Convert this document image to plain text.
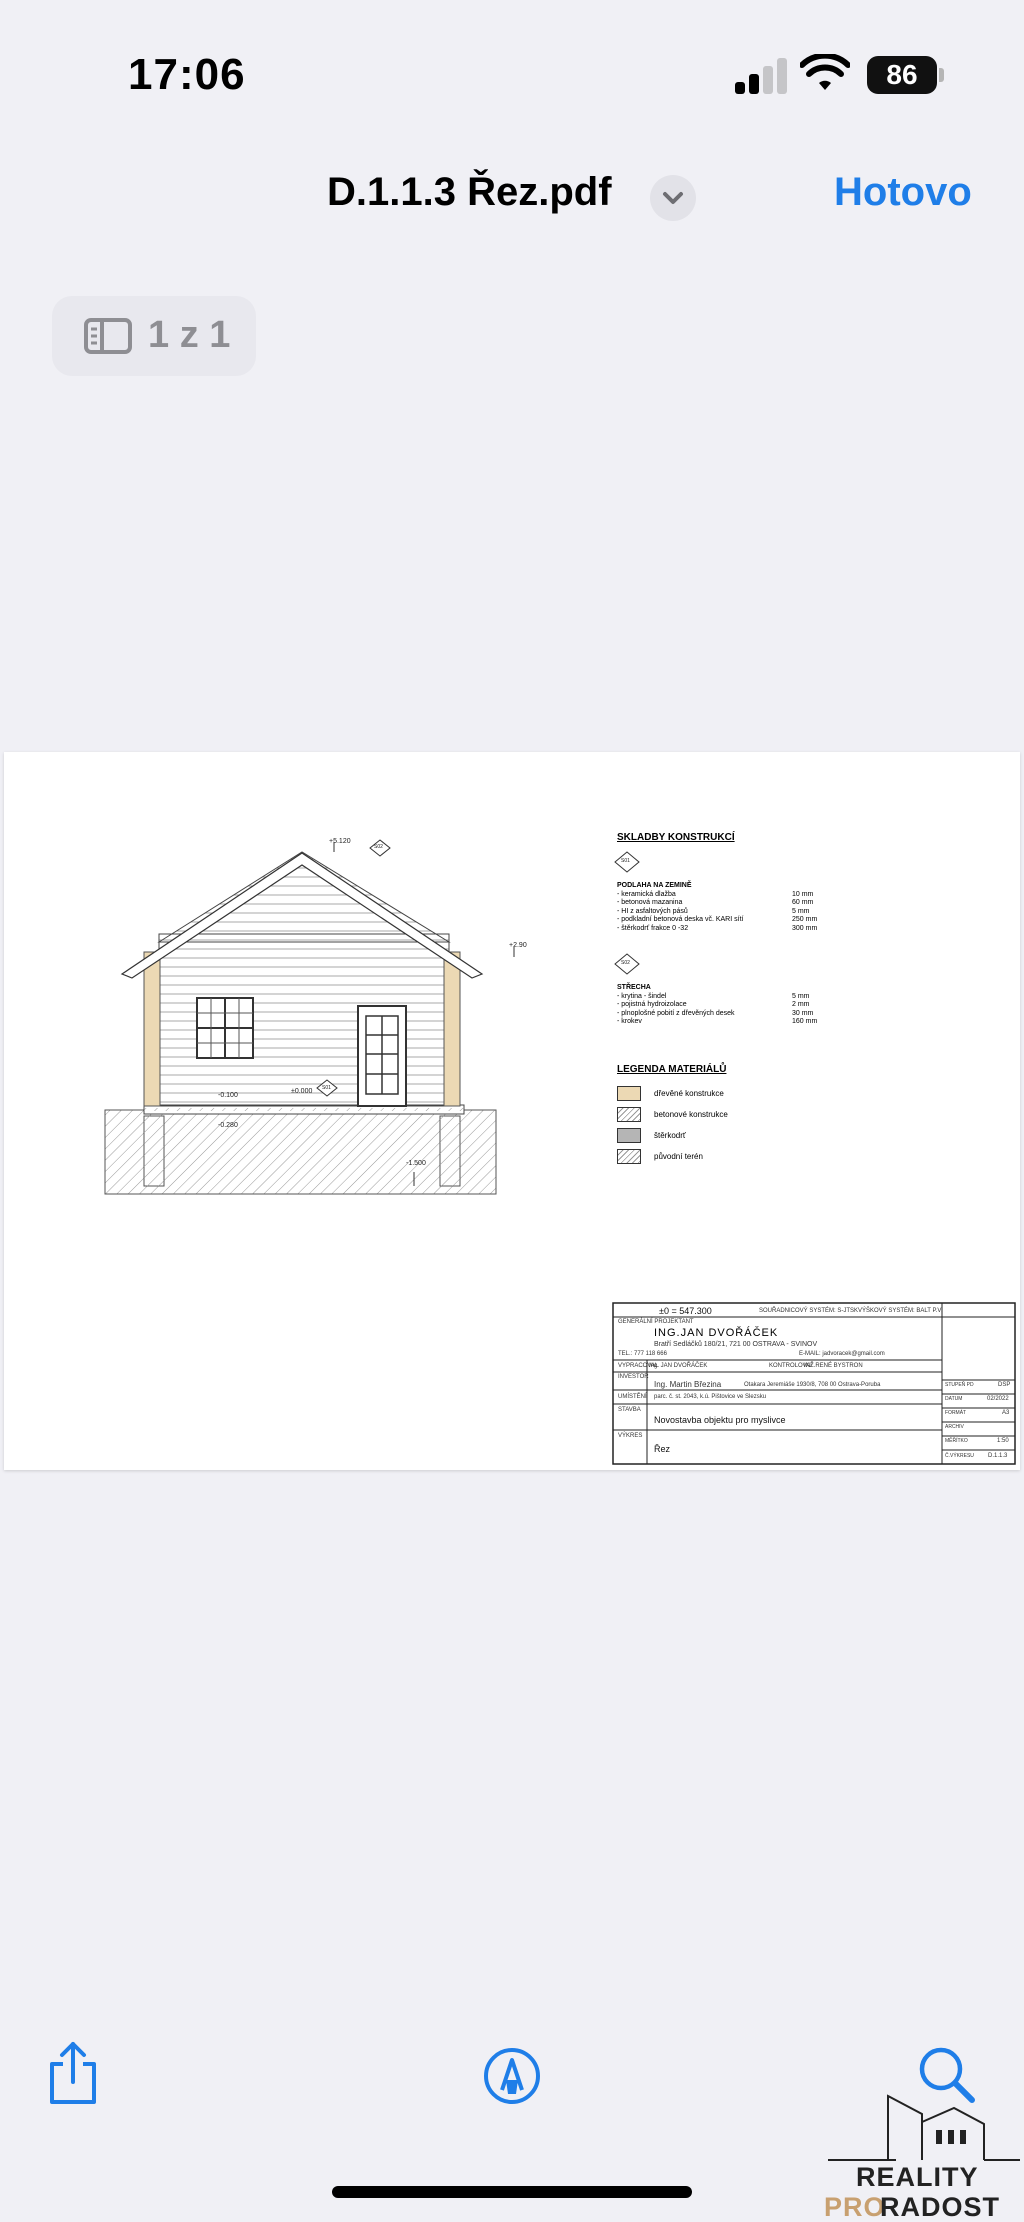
17:06	86
D.1.1.3 Řez.pdf	Hotovo
1 z 1
+5.120
S02
+2.90
±0.000 S01
-0.100
-0.280
-1.500
SKLADBY KONSTRUKCÍ
S01
PODLAHA NA ZEMINĚ
- keramická dlažba	10 mm
- betonová mazanina	60 mm
- HI z asfaltových pásů	5 mm
- podkladní betonová deska vč. KARI sítí	250 mm
- štěrkodrť frakce 0 -32	300 mm
S02
STŘECHA
- krytina - šindel	5 mm
- pojistná hydroizolace	2 mm
- plnoplošné pobití z dřevěných desek	30 mm
- krokev	160 mm
LEGENDA MATERIÁLŮ
dřevěné konstrukce
betonové konstrukce
štěrkodrť
původní terén
±0 = 547.300	SOUŘADNICOVÝ SYSTÉM: S-JTSK VÝŠKOVÝ SYSTÉM: BALT P.V.
GENERÁLNÍ PROJEKTANT
ING.JAN DVOŘÁČEK
Bratří Sedláčků 180/21, 721 00 OSTRAVA - SVINOV
TEL.: 777 118 666	E-MAIL: jadvoracek@gmail.com
VYPRACOVAL
Ing. JAN DVOŘÁČEK	KONTROLOVAL
INŽ.RENÉ BYSTRON
INVESTOR
Ing. Martin Březina	Otakara Jeremiáše 1930/8, 708 00 Ostrava-Poruba
UMÍSTĚNÍ parc. č. st. 2043, k.ú. Pištovice ve Slezsku
STAVBA
Novostavba objektu pro myslivce
VÝKRES
Řez
STUPEŇ PD	DSP
DATUM	02/2022
FORMÁT	A3
ARCHIV
MĚŘÍTKO	1:50
Č.VÝKRESU D.1.1.3
REALITY
PRO
RADOST
